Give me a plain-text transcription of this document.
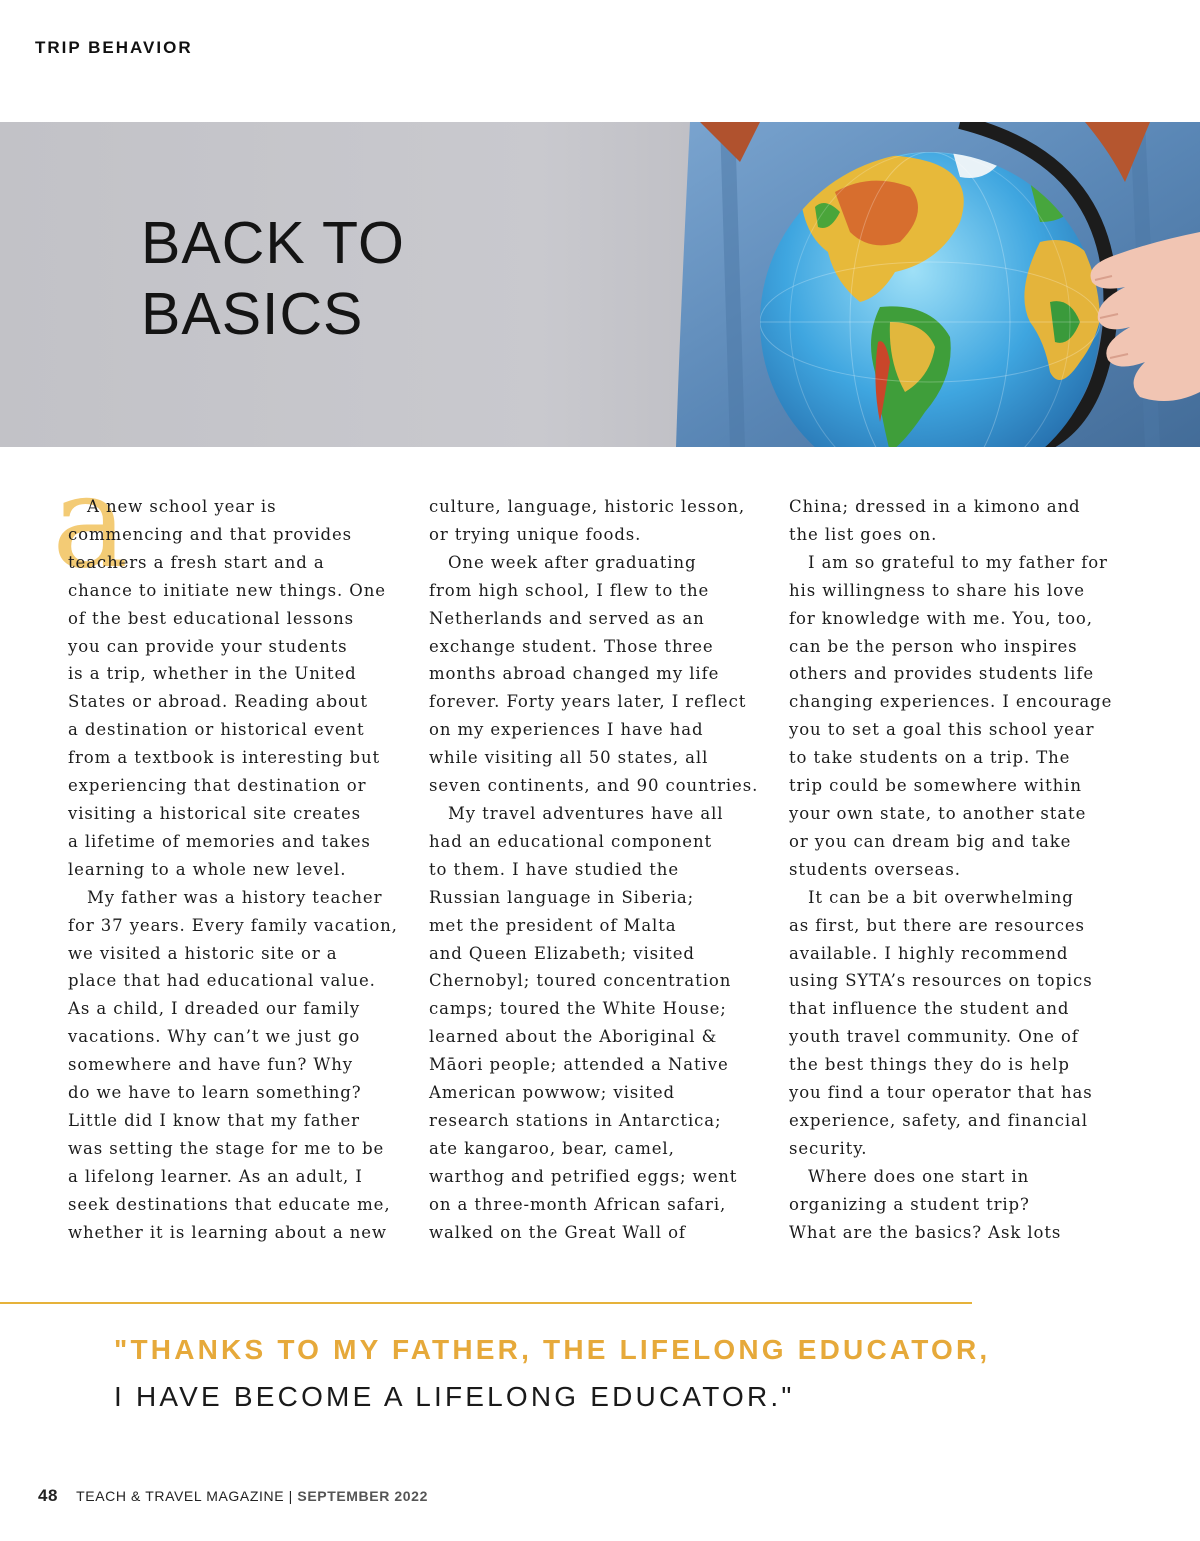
TRIP BEHAVIOR
BACK TO
BASICS
a
A new school year is
commencing and that provides
teachers a fresh start and a
chance to initiate new things. One
of the best educational lessons
you can provide your students
is a trip, whether in the United
States or abroad. Reading about
a destination or historical event
from a textbook is interesting but
experiencing that destination or
visiting a historical site creates
a lifetime of memories and takes
learning to a whole new level.
My father was a history teacher
for 37 years. Every family vacation,
we visited a historic site or a
place that had educational value.
As a child, I dreaded our family
vacations. Why can’t we just go
somewhere and have fun? Why
do we have to learn something?
Little did I know that my father
was setting the stage for me to be
a lifelong learner. As an adult, I
seek destinations that educate me,
whether it is learning about a new
culture, language, historic lesson,
or trying unique foods.
One week after graduating
from high school, I flew to the
Netherlands and served as an
exchange student. Those three
months abroad changed my life
forever. Forty years later, I reflect
on my experiences I have had
while visiting all 50 states, all
seven continents, and 90 countries.
My travel adventures have all
had an educational component
to them. I have studied the
Russian language in Siberia;
met the president of Malta
and Queen Elizabeth; visited
Chernobyl; toured concentration
camps; toured the White House;
learned about the Aboriginal &
Māori people; attended a Native
American powwow; visited
research stations in Antarctica;
ate kangaroo, bear, camel,
warthog and petrified eggs; went
on a three-month African safari,
walked on the Great Wall of
China; dressed in a kimono and
the list goes on.
I am so grateful to my father for
his willingness to share his love
for knowledge with me. You, too,
can be the person who inspires
others and provides students life
changing experiences. I encourage
you to set a goal this school year
to take students on a trip. The
trip could be somewhere within
your own state, to another state
or you can dream big and take
students overseas.
It can be a bit overwhelming
as first, but there are resources
available. I highly recommend
using SYTA’s resources on topics
that influence the student and
youth travel community. One of
the best things they do is help
you find a tour operator that has
experience, safety, and financial
security.
Where does one start in
organizing a student trip?
What are the basics? Ask lots
"THANKS TO MY FATHER, THE LIFELONG EDUCATOR,
I HAVE BECOME A LIFELONG EDUCATOR."
48 TEACH & TRAVEL MAGAZINE | SEPTEMBER 2022
